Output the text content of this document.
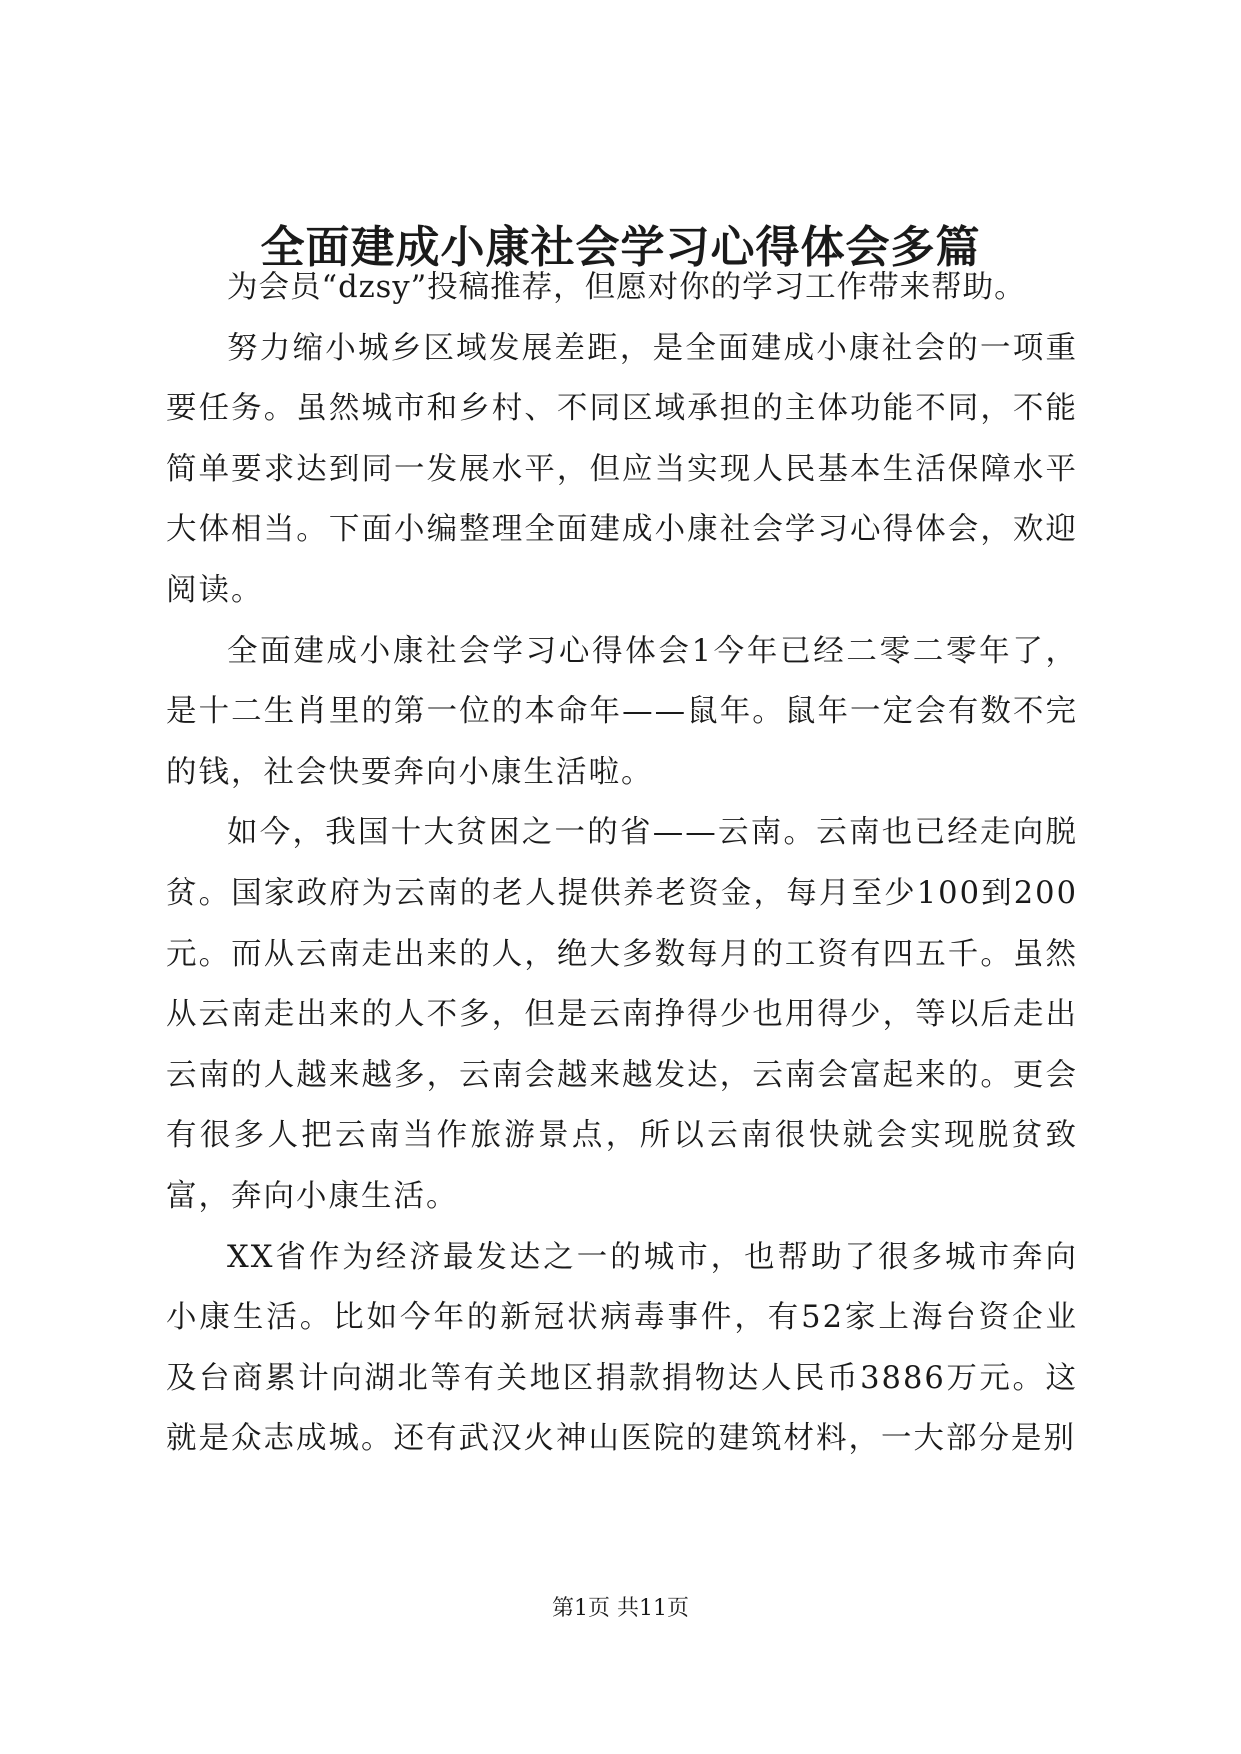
全面建成小康社会学习心得体会多篇

为会员“dzsy”投稿推荐，但愿对你的学习工作带来帮助。

努力缩小城乡区域发展差距，是全面建成小康社会的一项重要任务。虽然城市和乡村、不同区域承担的主体功能不同，不能简单要求达到同一发展水平，但应当实现人民基本生活保障水平大体相当。下面小编整理全面建成小康社会学习心得体会，欢迎阅读。

全面建成小康社会学习心得体会1今年已经二零二零年了，是十二生肖里的第一位的本命年——鼠年。鼠年一定会有数不完的钱，社会快要奔向小康生活啦。

如今，我国十大贫困之一的省——云南。云南也已经走向脱贫。国家政府为云南的老人提供养老资金，每月至少100到200元。而从云南走出来的人，绝大多数每月的工资有四五千。虽然从云南走出来的人不多，但是云南挣得少也用得少，等以后走出云南的人越来越多，云南会越来越发达，云南会富起来的。更会有很多人把云南当作旅游景点，所以云南很快就会实现脱贫致富，奔向小康生活。

XX省作为经济最发达之一的城市，也帮助了很多城市奔向小康生活。比如今年的新冠状病毒事件，有52家上海台资企业及台商累计向湖北等有关地区捐款捐物达人民币3886万元。这就是众志成城。还有武汉火神山医院的建筑材料，一大部分是别

第1页 共11页
